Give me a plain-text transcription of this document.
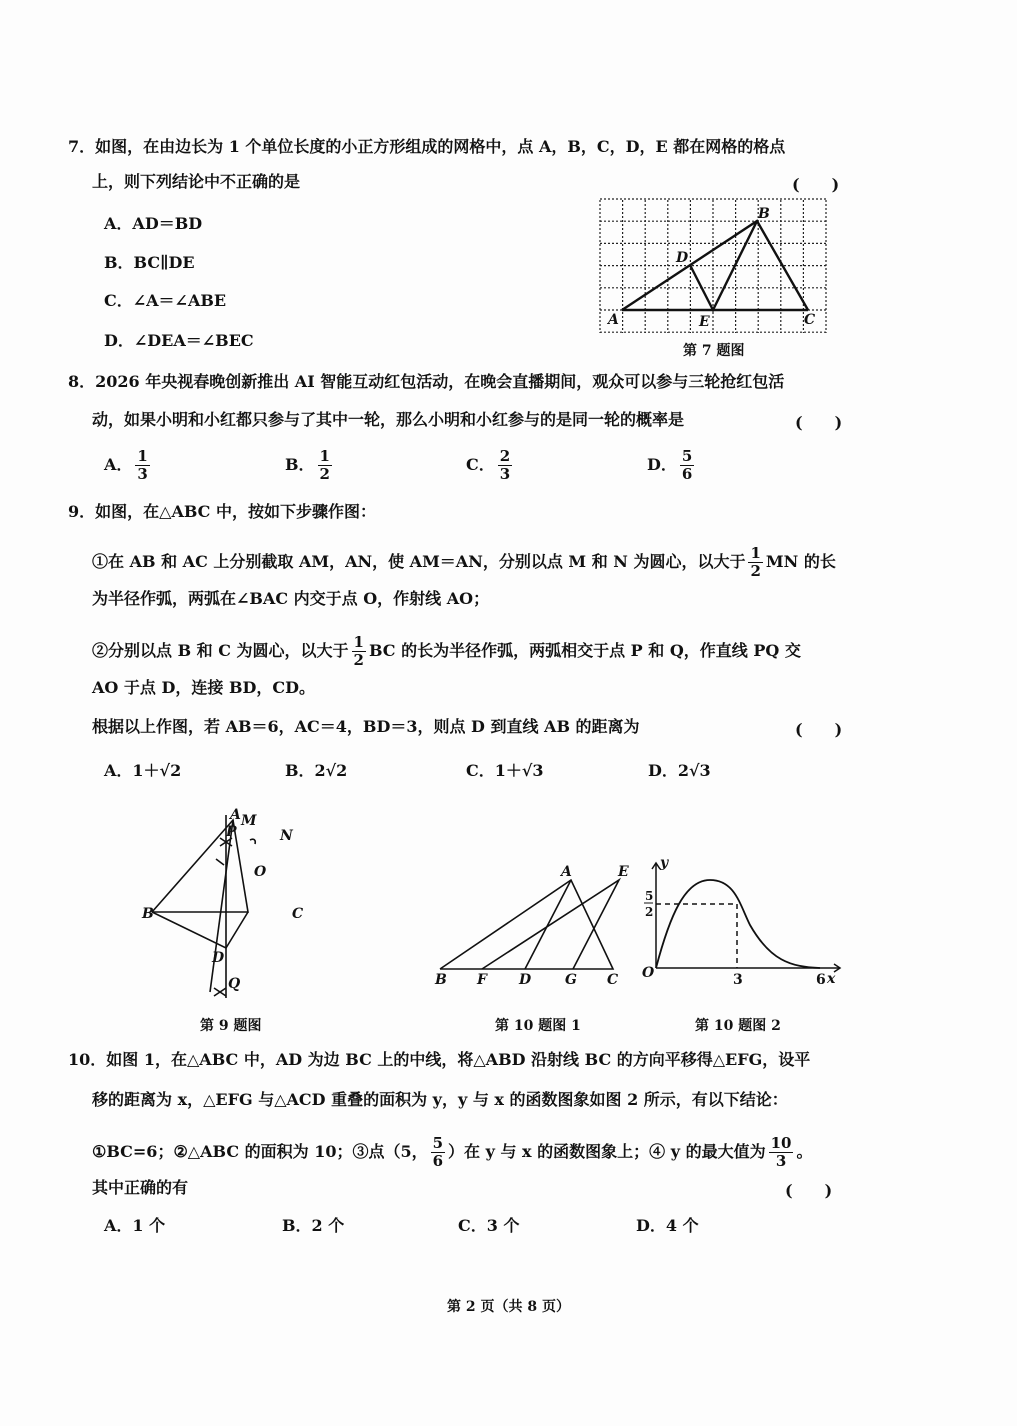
7．如图，在由边长为 1 个单位长度的小正方形组成的网格中，点 A，B，C，D，E 都在网格的格点
上，则下列结论中不正确的是	(　　)
A．AD＝BD
B．BC∥DE
C．∠A＝∠ABE
D．∠DEA＝∠BEC
A
B
C
D
E
第 7 题图
8．2026 年央视春晚创新推出 AI 智能互动红包活动，在晚会直播期间，观众可以参与三轮抢红包活
动，如果小明和小红都只参与了其中一轮，那么小明和小红参与的是同一轮的概率是	(　　)
A． $\frac{1}{3}$	B． $\frac{1}{2}$	C． $\frac{2}{3}$	D． $\frac{5}{6}$
9．如图，在△ABC 中，按如下步骤作图：
①在 AB 和 AC 上分别截取 AM，AN，使 AM＝AN，分别以点 M 和 N 为圆心，以大于 $\frac{1}{2}$ MN 的长
为半径作弧，两弧在∠BAC 内交于点 O，作射线 AO；
②分别以点 B 和 C 为圆心，以大于 $\frac{1}{2}$ BC 的长为半径作弧，两弧相交于点 P 和 Q，作直线 PQ 交
AO 于点 D，连接 BD，CD。
根据以上作图，若 AB＝6，AC＝4，BD＝3，则点 D 到直线 AB 的距离为	(　　)
A．1＋√2	B．2√2	C．1＋√3	D．2√3
A M
N
P
O
B	C
D
Q
第 9 题图
B
A	E
F D G C
y
x
O	3	6
5
2
第 10 题图 1	第 10 题图 2
10．如图 1，在△ABC 中，AD 为边 BC 上的中线，将△ABD 沿射线 BC 的方向平移得△EFG，设平
移的距离为 x，△EFG 与△ACD 重叠的面积为 y，y 与 x 的函数图象如图 2 所示，有以下结论：
①BC=6；②△ABC 的面积为 10；③点（5， $\frac{5}{6}$ ）在 y 与 x 的函数图象上；④ y 的最大值为 $\frac{10}{3}$ 。
其中正确的有	(　　)
A．1 个	B．2 个	C．3 个	D．4 个
第 2 页（共 8 页）
